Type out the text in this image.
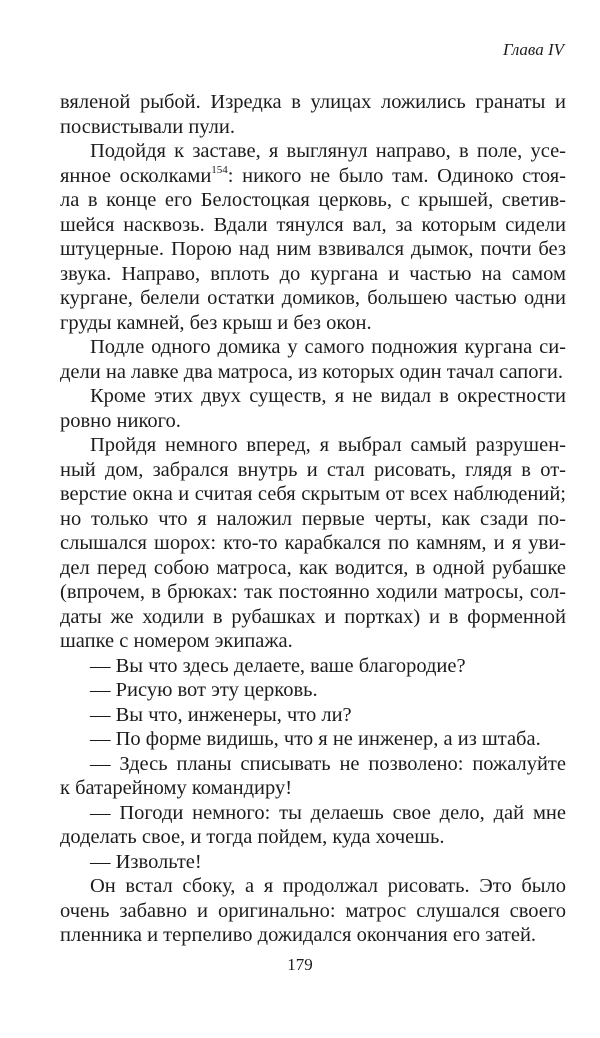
Глава IV
вяленой рыбой. Изредка в улицах ложились гранаты и
посвистывали пули.
Подойдя к заставе, я выглянул направо, в поле, усе-
янное осколками$^{154}$: никого не было там. Одиноко стоя-
ла в конце его Белостоцкая церковь, с крышей, светив-
шейся насквозь. Вдали тянулся вал, за которым сидели
штуцерные. Порою над ним взвивался дымок, почти без
звука. Направо, вплоть до кургана и частью на самом
кургане, белели остатки домиков, большею частью одни
груды камней, без крыш и без окон.
Подле одного домика у самого подножия кургана си-
дели на лавке два матроса, из которых один тачал сапоги.
Кроме этих двух существ, я не видал в окрестности
ровно никого.
Пройдя немного вперед, я выбрал самый разрушен-
ный дом, забрался внутрь и стал рисовать, глядя в от-
верстие окна и считая себя скрытым от всех наблюдений;
но только что я наложил первые черты, как сзади по-
слышался шорох: кто-то карабкался по камням, и я уви-
дел перед собою матроса, как водится, в одной рубашке
(впрочем, в брюках: так постоянно ходили матросы, сол-
даты же ходили в рубашках и портках) и в форменной
шапке с номером экипажа.
— Вы что здесь делаете, ваше благородие?
— Рисую вот эту церковь.
— Вы что, инженеры, что ли?
— По форме видишь, что я не инженер, а из штаба.
— Здесь планы списывать не позволено: пожалуйте
к батарейному командиру!
— Погоди немного: ты делаешь свое дело, дай мне
доделать свое, и тогда пойдем, куда хочешь.
— Извольте!
Он встал сбоку, а я продолжал рисовать. Это было
очень забавно и оригинально: матрос слушался своего
пленника и терпеливо дожидался окончания его затей.
179
